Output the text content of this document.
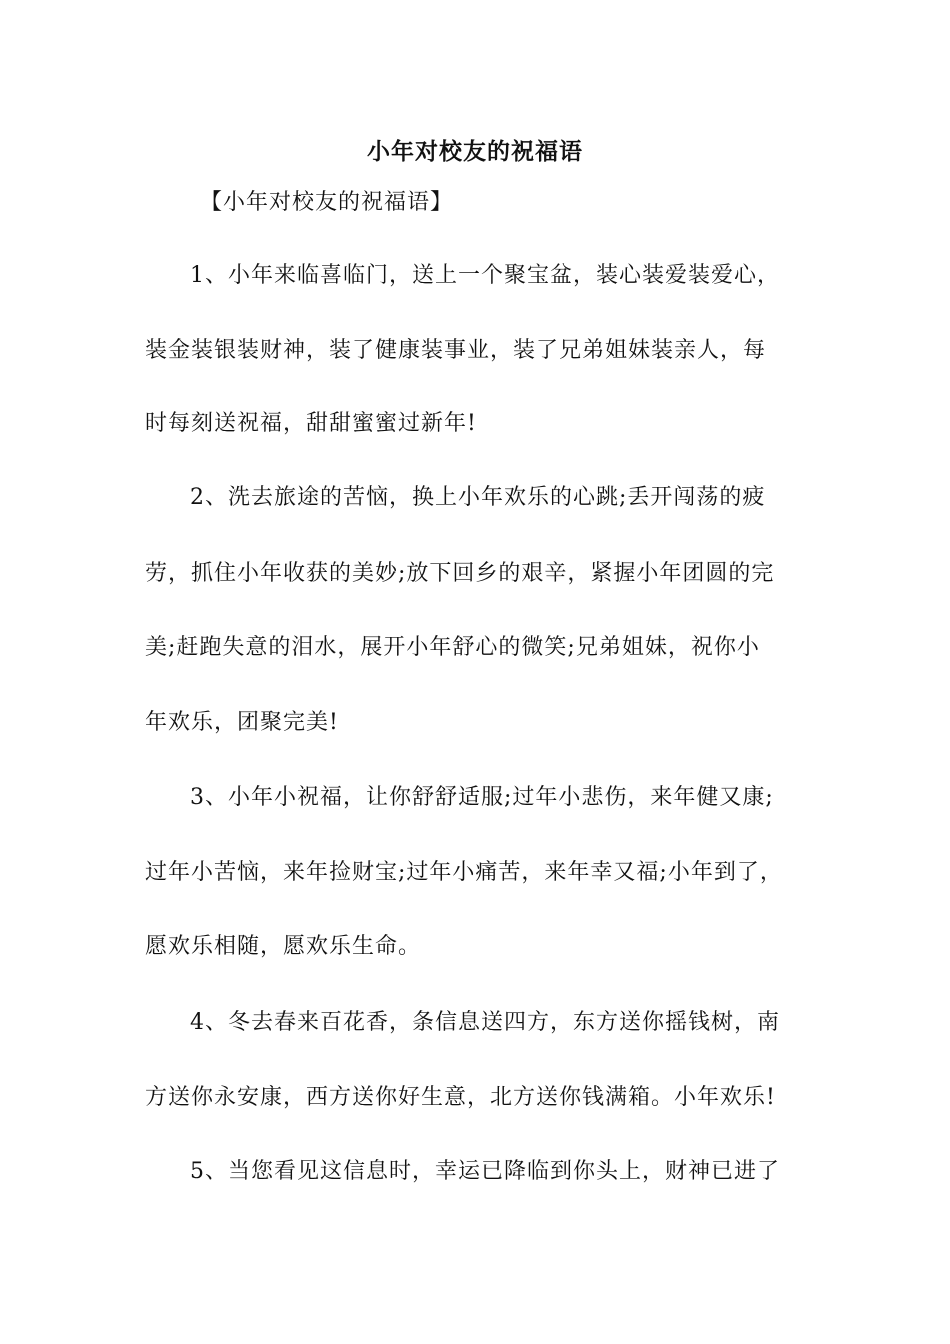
小年对校友的祝福语
【小年对校友的祝福语】
1、小年来临喜临门，送上一个聚宝盆，装心装爱装爱心，
装金装银装财神，装了健康装事业，装了兄弟姐妹装亲人，每
时每刻送祝福，甜甜蜜蜜过新年!
2、洗去旅途的苦恼，换上小年欢乐的心跳;丢开闯荡的疲
劳，抓住小年收获的美妙;放下回乡的艰辛，紧握小年团圆的完
美;赶跑失意的泪水，展开小年舒心的微笑;兄弟姐妹，祝你小
年欢乐，团聚完美!
3、小年小祝福，让你舒舒适服;过年小悲伤，来年健又康;
过年小苦恼，来年捡财宝;过年小痛苦，来年幸又福;小年到了，
愿欢乐相随，愿欢乐生命。
4、冬去春来百花香，条信息送四方，东方送你摇钱树，南
方送你永安康，西方送你好生意，北方送你钱满箱。小年欢乐!
5、当您看见这信息时，幸运已降临到你头上，财神已进了
